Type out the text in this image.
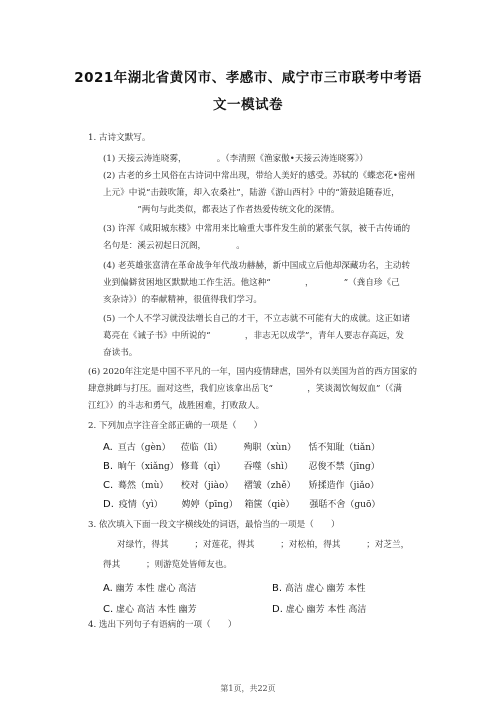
2021年湖北省黄冈市、孝感市、咸宁市三市联考中考语
文一模试卷
1. 古诗文默写。
(1) 天接云涛连晓雾，　　　　。（李清照《渔家傲•天接云涛连晓雾》）
(2) 古老的乡土风俗在古诗词中常出现，带给人美好的感受。苏轼的《蝶恋花•密州
上元》中说“击鼓吹箫，却入农桑社”，陆游《游山西村》中的“箫鼓追随春近，
　　　　”两句与此类似，都表达了作者热爱传统文化的深情。
(3) 许浑《咸阳城东楼》中常用来比喻重大事件发生前的紧张气氛，被千古传诵的
名句是：溪云初起日沉阁，　　　　。
(4) 老英雄张富清在革命战争年代战功赫赫，新中国成立后他却深藏功名，主动转
业到偏僻贫困地区默默地工作生活。他这种“　　　　，　　　　”（龚自珍《己
亥杂诗》）的奉献精神，很值得我们学习。
(5) 一个人不学习就没法增长自己的才干，不立志就不可能有大的成就。这正如诸
葛亮在《诫子书》中所说的“　　　　，非志无以成学”，青年人要志存高远，发
奋读书。
(6) 2020年注定是中国不平凡的一年，国内疫情肆虐，国外有以美国为首的西方国家的
肆意挑衅与打压。面对这些，我们应该拿出岳飞“　　　　，笑谈渴饮匈奴血”（《满
江红》）的斗志和勇气，战胜困难，打败敌人。
2. 下列加点字注音全部正确的一项是（　　）
A. 亘古（gèn） 莅临（lì） 殉职（xùn） 恬不知耻（tiǎn）
B. 晌午（xiǎng） 修葺（qì） 吞噬（shì） 忍俊不禁（jīng）
C. 蓦然（mù） 校对（jiào） 褶皱（zhě） 矫揉造作（jiǎo）
D. 疫情（yì） 娉婷（pīng） 箱箧（qiè） 强聒不舍（guō）
3. 依次填入下面一段文字横线处的词语，最恰当的一项是（　　）
对绿竹，得其　　　；对莲花，得其　　　；对松柏，得其　　　；对芝兰，
得其　　　；则游览处皆师友也。
A. 幽芳 本性 虚心 高洁	B. 高洁 虚心 幽芳 本性
C. 虚心 高洁 本性 幽芳	D. 虚心 幽芳 本性 高洁
4. 选出下列句子有语病的一项（　　）
第1页，共22页
